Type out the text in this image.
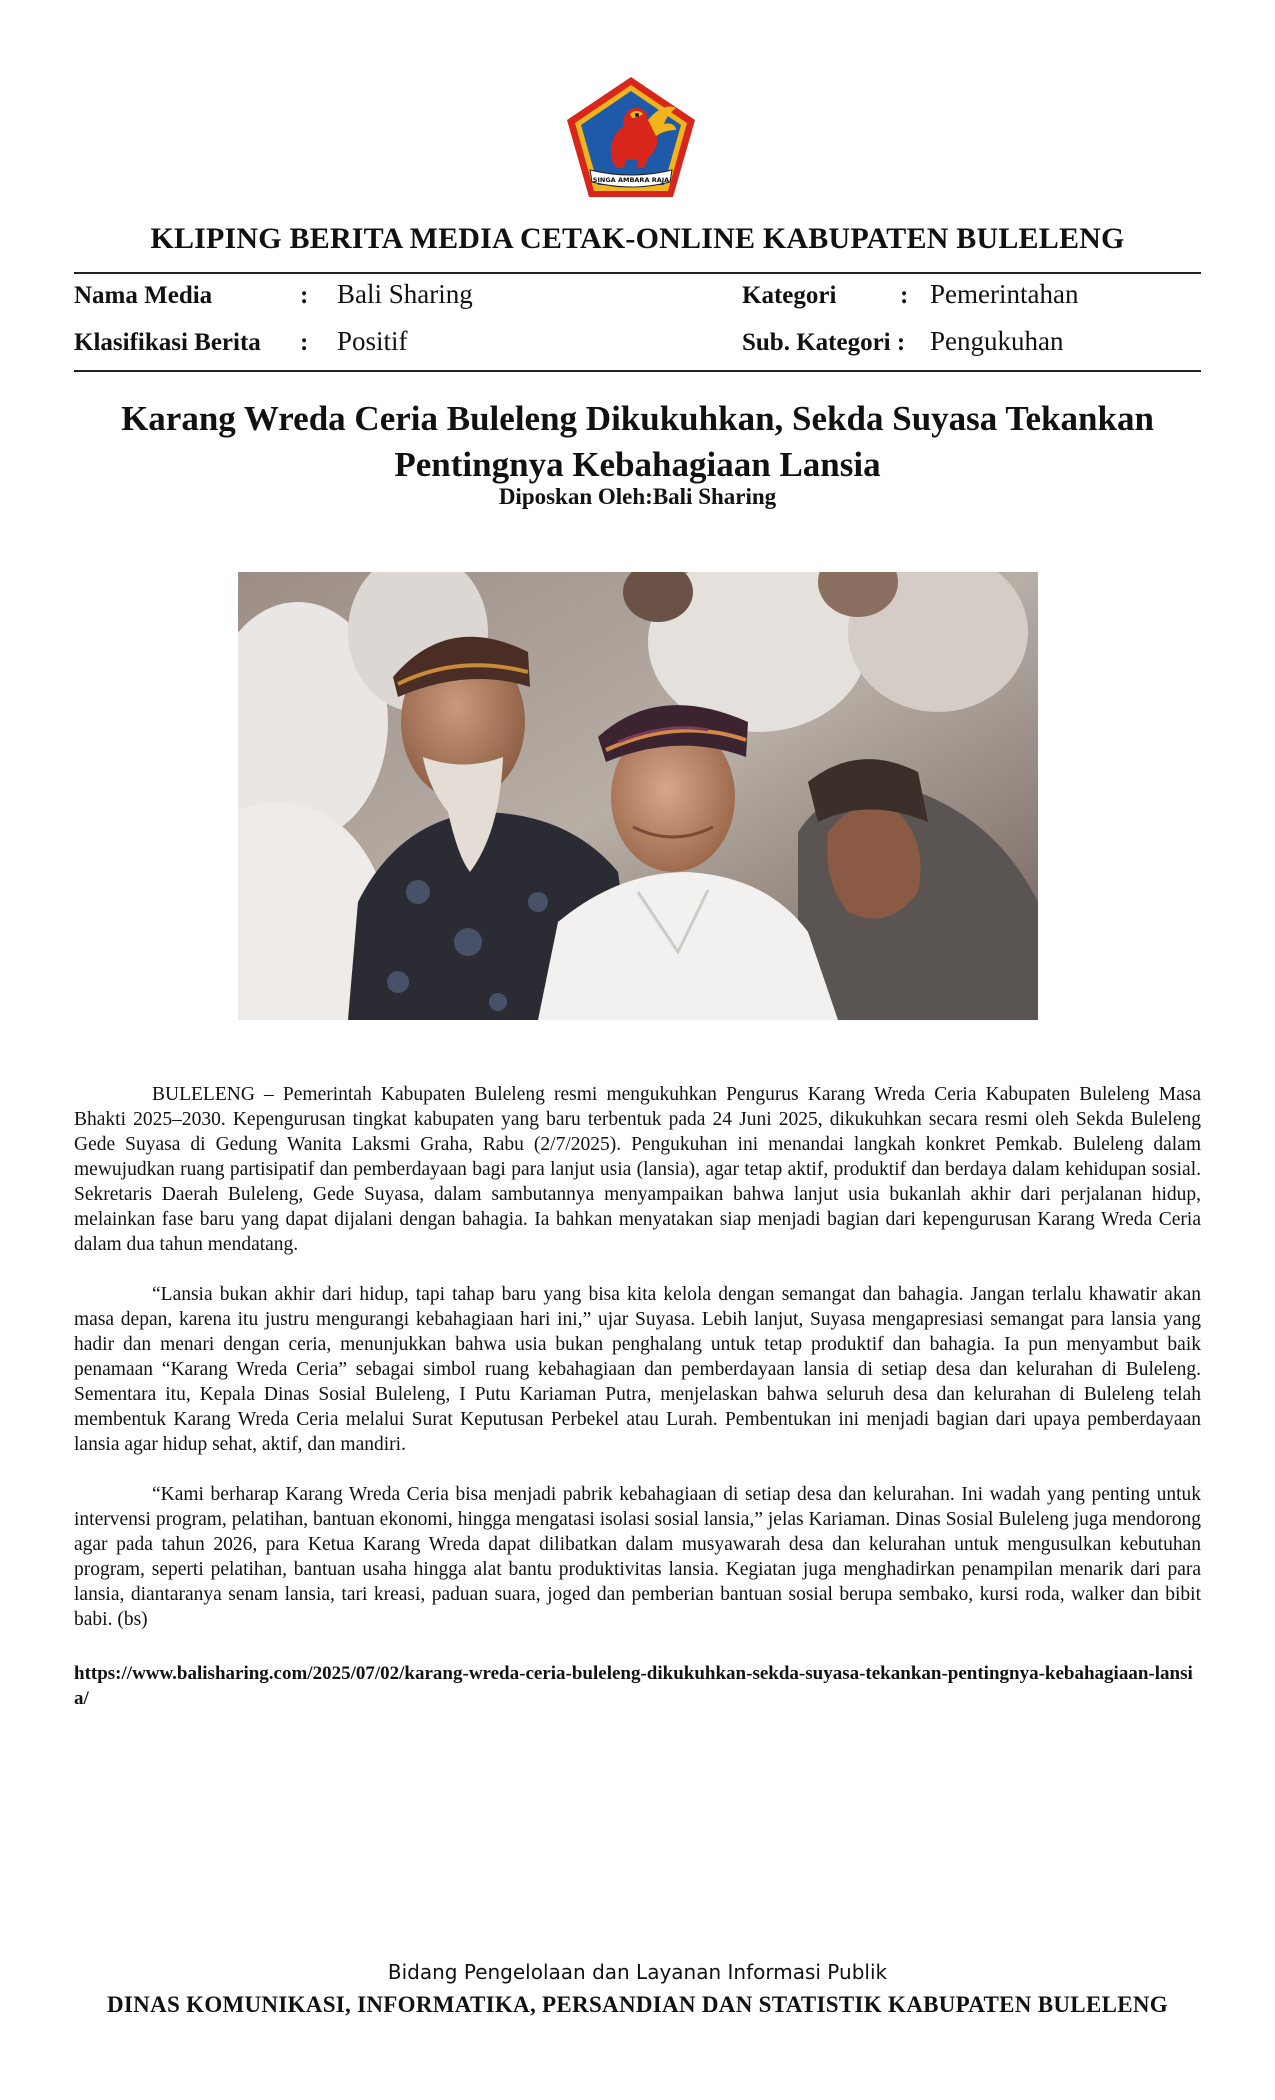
SINGA AMBARA RAJA
KLIPING BERITA MEDIA CETAK-ONLINE KABUPATEN BULELENG
Nama Media	: Bali Sharing	Kategori	: Pemerintahan
Klasifikasi Berita : Positif	Sub. Kategori : Pengukuhan
Karang Wreda Ceria Buleleng Dikukuhkan, Sekda Suyasa Tekankan Pentingnya Kebahagiaan Lansia
Diposkan Oleh:Bali Sharing

BULELENG – Pemerintah Kabupaten Buleleng resmi mengukuhkan Pengurus Karang Wreda Ceria Kabupaten Buleleng Masa Bhakti 2025–2030. Kepengurusan tingkat kabupaten yang baru terbentuk pada 24 Juni 2025, dikukuhkan secara resmi oleh Sekda Buleleng Gede Suyasa di Gedung Wanita Laksmi Graha, Rabu (2/7/2025). Pengukuhan ini menandai langkah konkret Pemkab. Buleleng dalam mewujudkan ruang partisipatif dan pemberdayaan bagi para lanjut usia (lansia), agar tetap aktif, produktif dan berdaya dalam kehidupan sosial. Sekretaris Daerah Buleleng, Gede Suyasa, dalam sambutannya menyampaikan bahwa lanjut usia bukanlah akhir dari perjalanan hidup, melainkan fase baru yang dapat dijalani dengan bahagia. Ia bahkan menyatakan siap menjadi bagian dari kepengurusan Karang Wreda Ceria dalam dua tahun mendatang.

“Lansia bukan akhir dari hidup, tapi tahap baru yang bisa kita kelola dengan semangat dan bahagia. Jangan terlalu khawatir akan masa depan, karena itu justru mengurangi kebahagiaan hari ini,” ujar Suyasa. Lebih lanjut, Suyasa mengapresiasi semangat para lansia yang hadir dan menari dengan ceria, menunjukkan bahwa usia bukan penghalang untuk tetap produktif dan bahagia. Ia pun menyambut baik penamaan “Karang Wreda Ceria” sebagai simbol ruang kebahagiaan dan pemberdayaan lansia di setiap desa dan kelurahan di Buleleng. Sementara itu, Kepala Dinas Sosial Buleleng, I Putu Kariaman Putra, menjelaskan bahwa seluruh desa dan kelurahan di Buleleng telah membentuk Karang Wreda Ceria melalui Surat Keputusan Perbekel atau Lurah. Pembentukan ini menjadi bagian dari upaya pemberdayaan lansia agar hidup sehat, aktif, dan mandiri.

“Kami berharap Karang Wreda Ceria bisa menjadi pabrik kebahagiaan di setiap desa dan kelurahan. Ini wadah yang penting untuk intervensi program, pelatihan, bantuan ekonomi, hingga mengatasi isolasi sosial lansia,” jelas Kariaman. Dinas Sosial Buleleng juga mendorong agar pada tahun 2026, para Ketua Karang Wreda dapat dilibatkan dalam musyawarah desa dan kelurahan untuk mengusulkan kebutuhan program, seperti pelatihan, bantuan usaha hingga alat bantu produktivitas lansia. Kegiatan juga menghadirkan penampilan menarik dari para lansia, diantaranya senam lansia, tari kreasi, paduan suara, joged dan pemberian bantuan sosial berupa sembako, kursi roda, walker dan bibit babi. (bs)

https://www.balisharing.com/2025/07/02/karang-wreda-ceria-buleleng-dikukuhkan-sekda-suyasa-tekankan-pentingnya-kebahagiaan-lansia/
Bidang Pengelolaan dan Layanan Informasi Publik
DINAS KOMUNIKASI, INFORMATIKA, PERSANDIAN DAN STATISTIK KABUPATEN BULELENG
